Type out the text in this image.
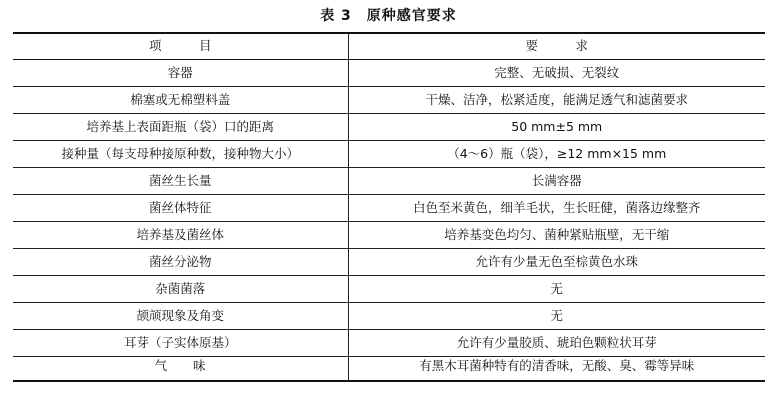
表 3　原种感官要求
项　　　目	要　　　求
容器	完整、无破损、无裂纹
棉塞或无棉塑料盖	干燥、洁净，松紧适度，能满足透气和滤菌要求
培养基上表面距瓶（袋）口的距离	50 mm±5 mm
接种量（每支母种接原种数，接种物大小）	（4～6）瓶（袋），≥12 mm×15 mm
菌丝生长量	长满容器
菌丝体特征	白色至米黄色，细羊毛状，生长旺健，菌落边缘整齐
培养基及菌丝体	培养基变色均匀、菌种紧贴瓶壁，无干缩
菌丝分泌物	允许有少量无色至棕黄色水珠
杂菌菌落	无
颉颃现象及角变	无
耳芽（子实体原基）	允许有少量胶质、琥珀色颗粒状耳芽
气　　味	有黑木耳菌种特有的清香味，无酸、臭、霉等异味
